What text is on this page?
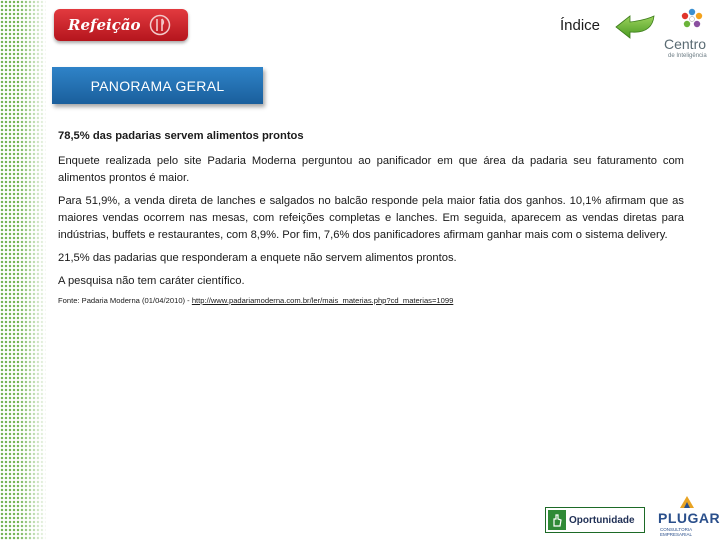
Refeição	Índice
Centro
de Inteligência
PANORAMA GERAL

78,5% das padarias servem alimentos prontos

Enquete realizada pelo site Padaria Moderna perguntou ao panificador em que área da padaria seu faturamento com alimentos prontos é maior.

Para 51,9%, a venda direta de lanches e salgados no balcão responde pela maior fatia dos ganhos. 10,1% afirmam que as maiores vendas ocorrem nas mesas, com refeições completas e lanches. Em seguida, aparecem as vendas diretas para indústrias, buffets e restaurantes, com 8,9%. Por fim, 7,6% dos panificadores afirmam ganhar mais com o sistema delivery.

21,5% das padarias que responderam a enquete não servem alimentos prontos.

A pesquisa não tem caráter científico.

Fonte: Padaria Moderna (01/04/2010) - http://www.padariamoderna.com.br/ler/mais_materias.php?cd_materias=1099

Oportunidade PLUGAR
CONSULTORIA EMPRESARIAL
